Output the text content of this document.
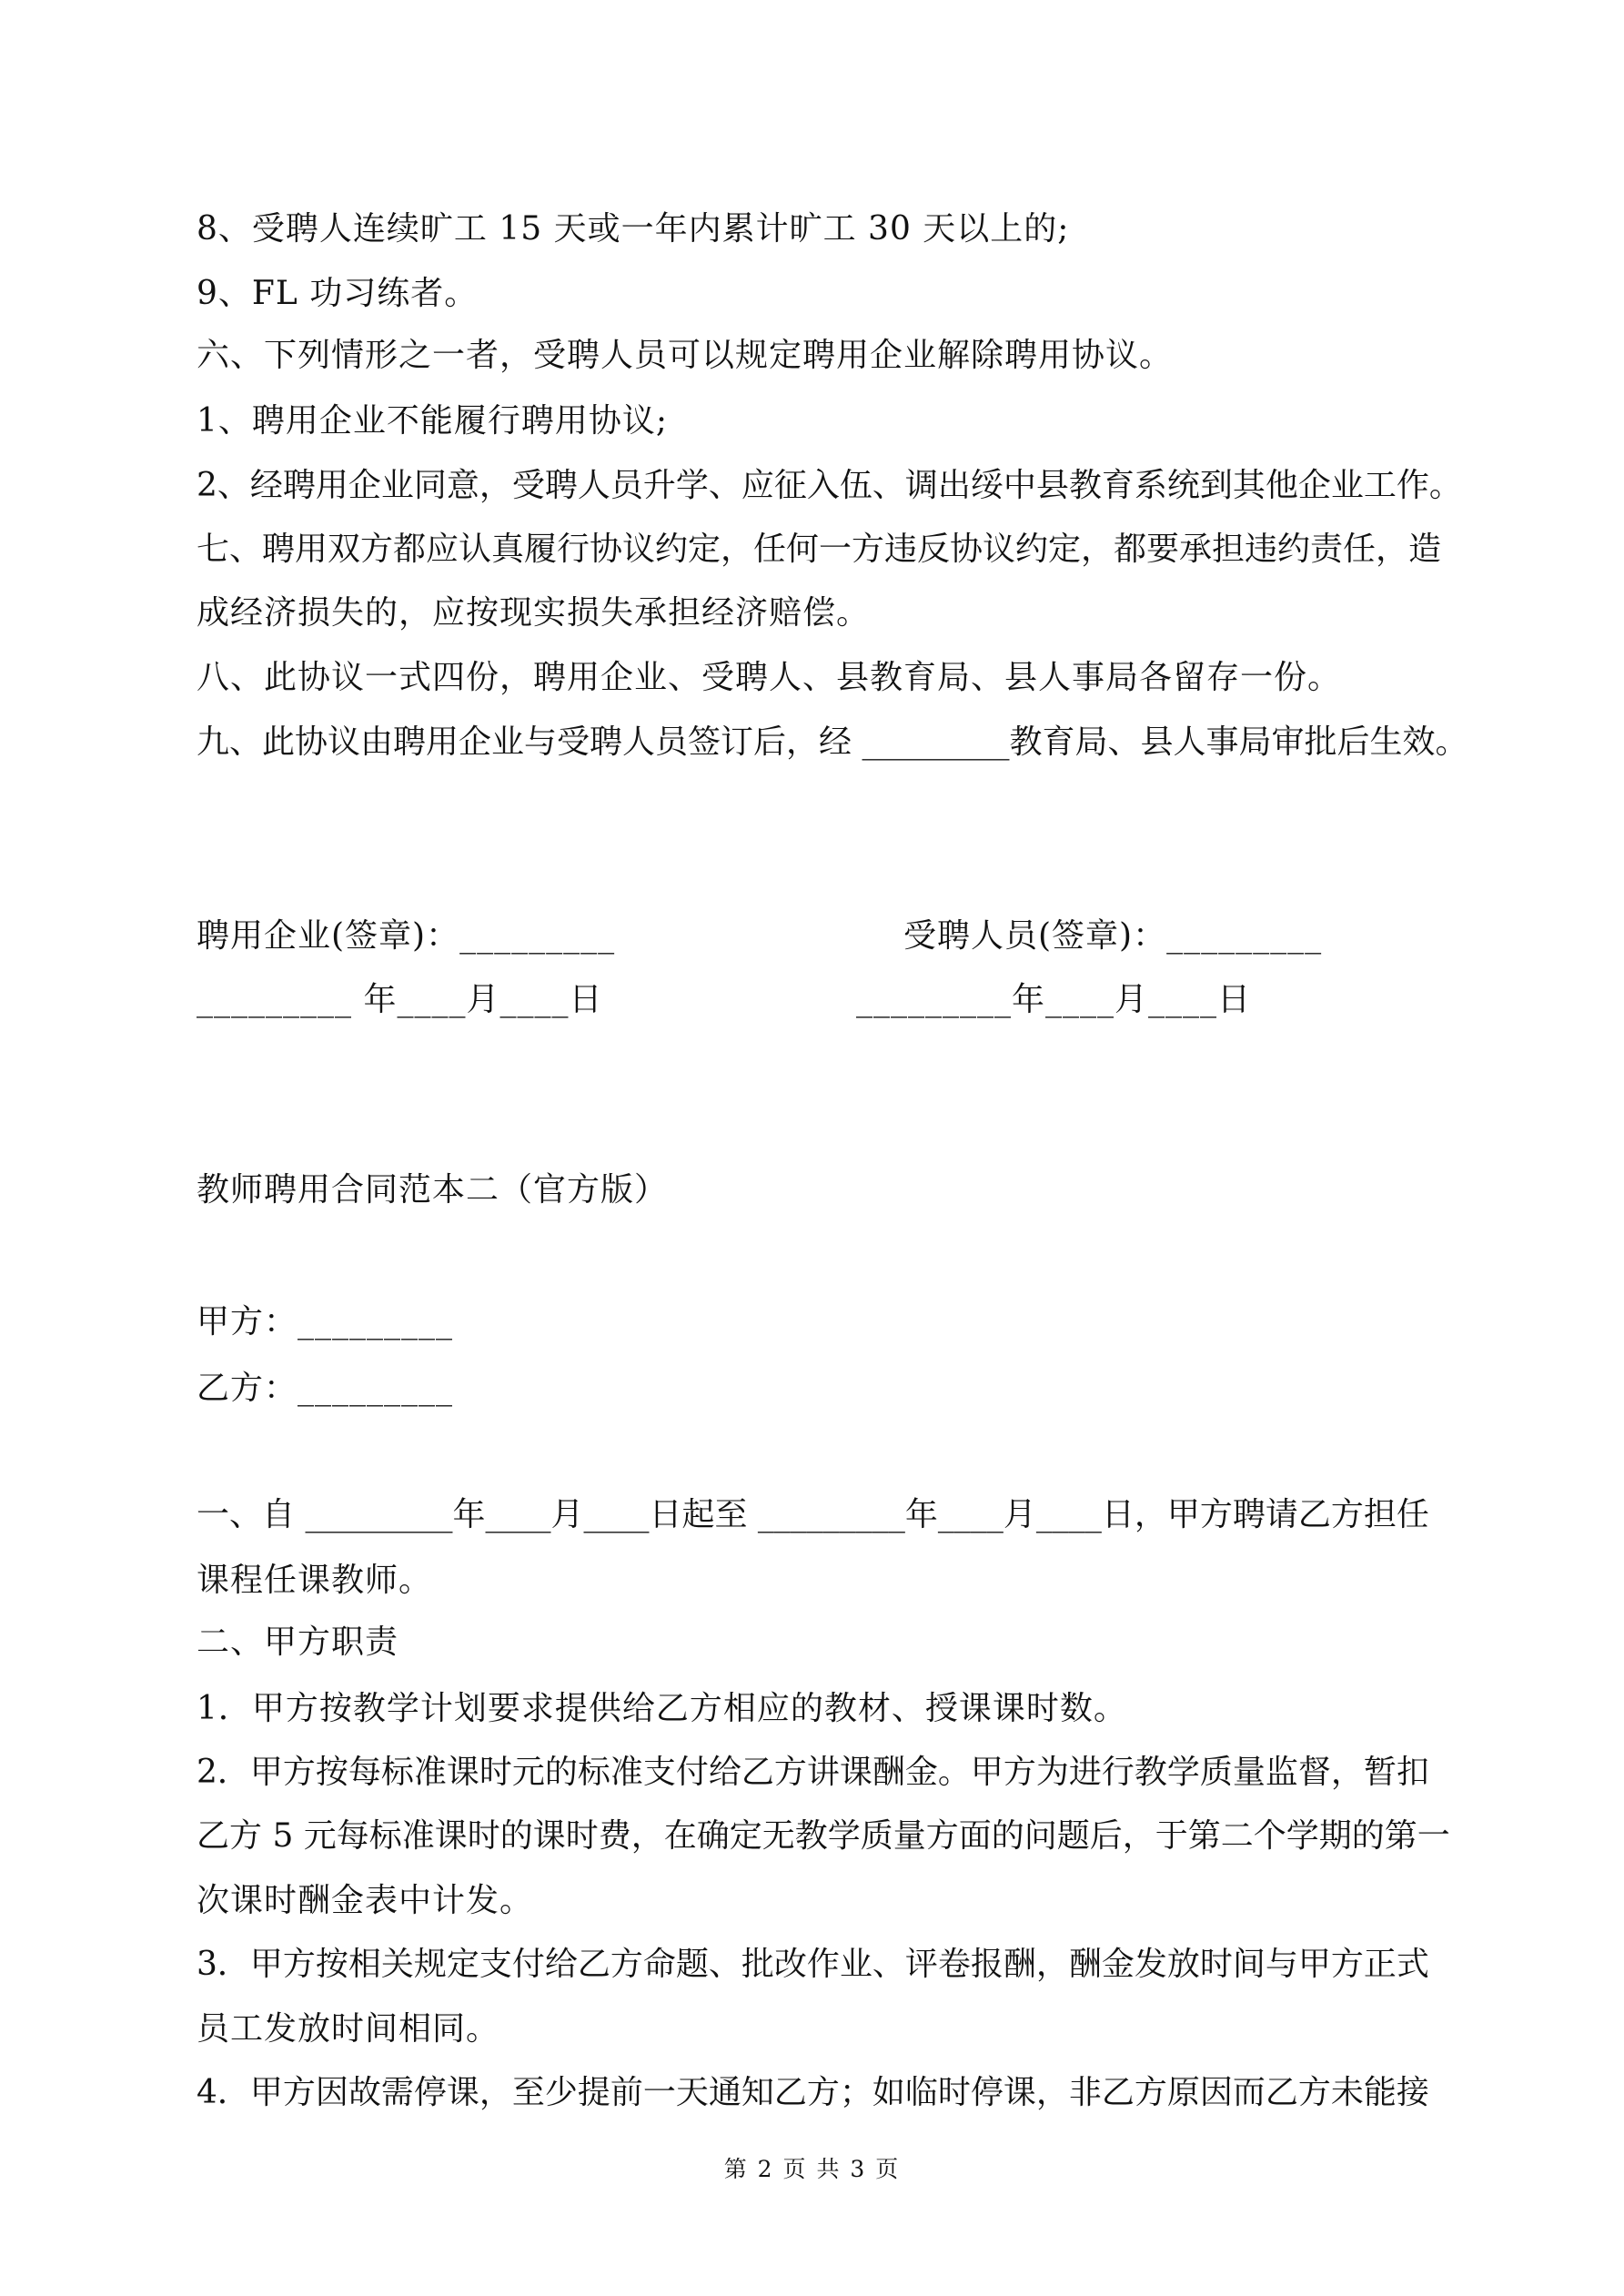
8、受聘人连续旷工 15 天或一年内累计旷工 30 天以上的;
9、FL 功习练者。
六、下列情形之一者，受聘人员可以规定聘用企业解除聘用协议。
1、聘用企业不能履行聘用协议;
2、经聘用企业同意，受聘人员升学、应征入伍、调出绥中县教育系统到其他企业工作。
七、聘用双方都应认真履行协议约定，任何一方违反协议约定，都要承担违约责任，造
成经济损失的，应按现实损失承担经济赔偿。
八、此协议一式四份，聘用企业、受聘人、县教育局、县人事局各留存一份。
九、此协议由聘用企业与受聘人员签订后，经 _________教育局、县人事局审批后生效。
聘用企业(签章)：_________	受聘人员(签章)：_________
_________ 年____月____日	_________年____月____日
教师聘用合同范本二（官方版）
甲方：_________
乙方：_________
一、自 _________年____月____日起至 _________年____月____日，甲方聘请乙方担任
课程任课教师。
二、甲方职责
1．甲方按教学计划要求提供给乙方相应的教材、授课课时数。
2．甲方按每标准课时元的标准支付给乙方讲课酬金。甲方为进行教学质量监督，暂扣
乙方 5 元每标准课时的课时费，在确定无教学质量方面的问题后，于第二个学期的第一
次课时酬金表中计发。
3．甲方按相关规定支付给乙方命题、批改作业、评卷报酬，酬金发放时间与甲方正式
员工发放时间相同。
4．甲方因故需停课，至少提前一天通知乙方；如临时停课，非乙方原因而乙方未能接
第 2 页 共 3 页
